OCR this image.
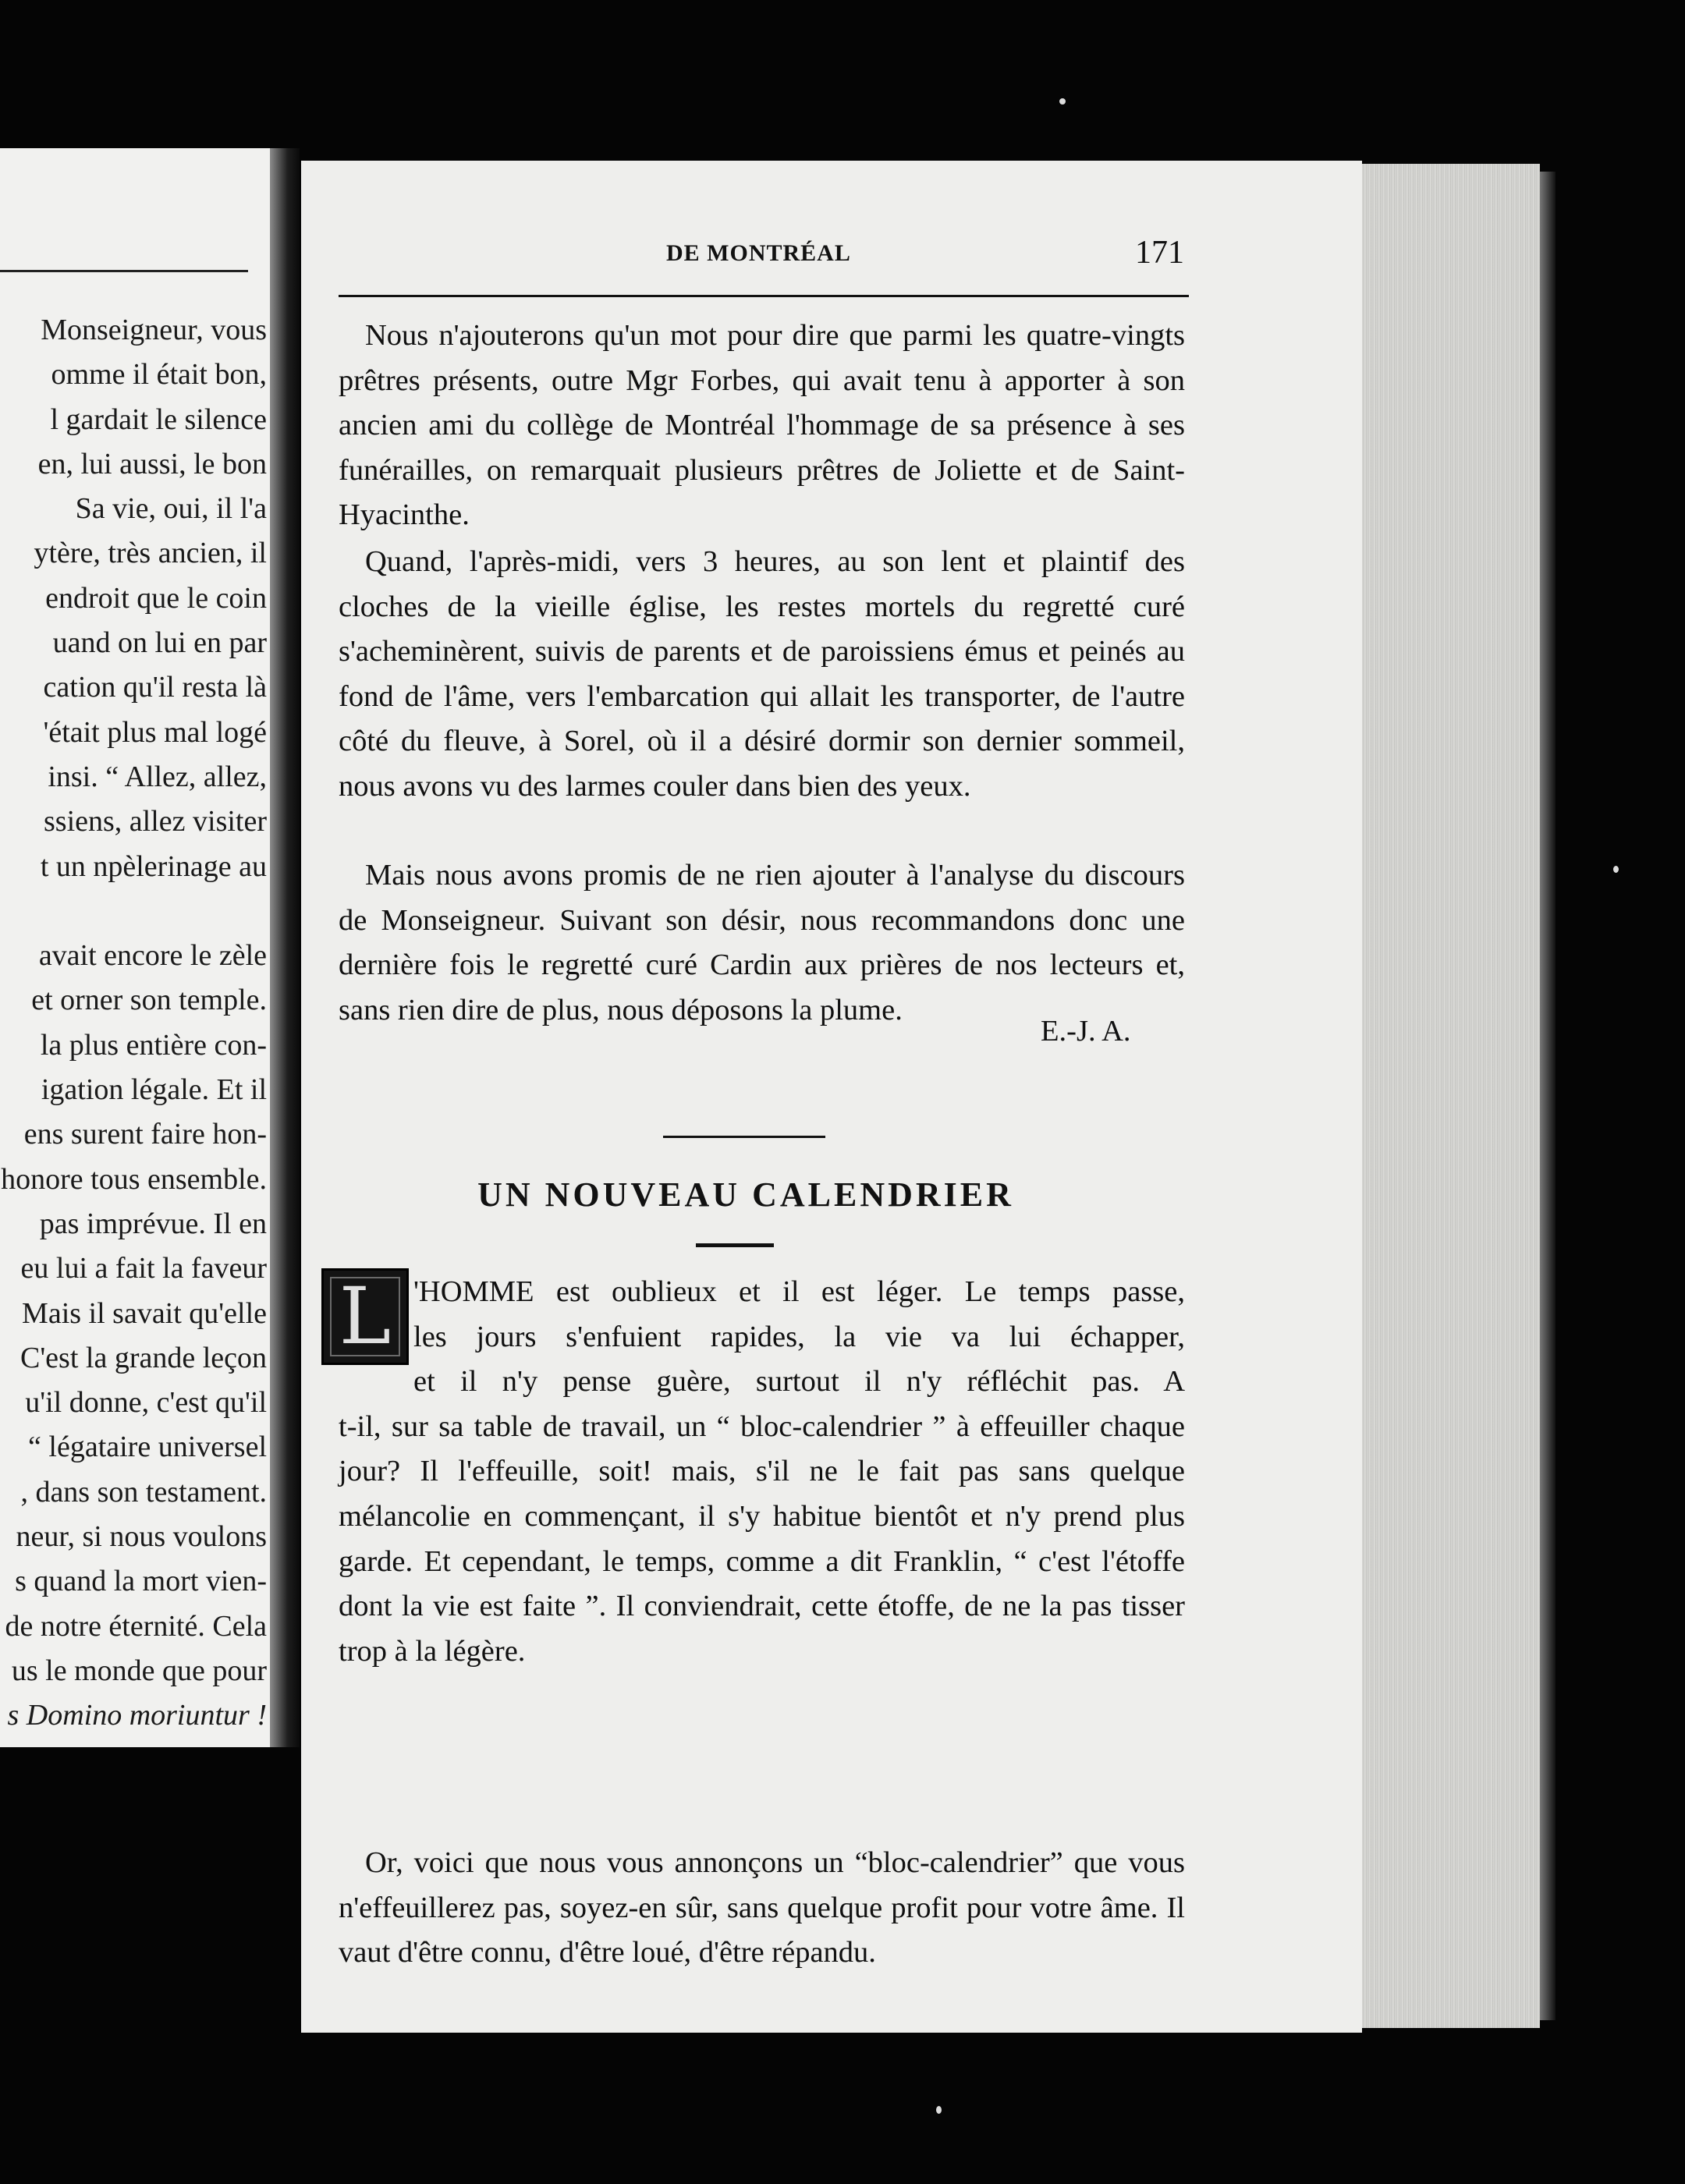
Monseigneur, vous
omme il était bon,
l gardait le silence
en, lui aussi, le bon
Sa vie, oui, il l'a
ytère, très ancien, il
endroit que le coin
uand on lui en par
cation qu'il resta là
'était plus mal logé
insi. “ Allez, allez,
ssiens, allez visiter
t un npèlerinage au
avait encore le zèle
et orner son temple.
la plus entière con-
igation légale. Et il
ens surent faire hon-
honore tous ensemble.
pas imprévue. Il en
eu lui a fait la faveur
Mais il savait qu'elle
C'est la grande leçon
u'il donne, c'est qu'il
“ légataire universel
, dans son testament.
neur, si nous voulons
s quand la mort vien-
de notre éternité. Cela
us le monde que pour
s Domino moriuntur !
DE MONTRÉAL	171

Nous n'ajouterons qu'un mot pour dire que parmi les quatre-vingts prêtres présents, outre Mgr Forbes, qui avait tenu à apporter à son ancien ami du collège de Montréal l'hommage de sa présence à ses funérailles, on remarquait plusieurs prêtres de Joliette et de Saint-Hyacinthe.

Quand, l'après-midi, vers 3 heures, au son lent et plaintif des cloches de la vieille église, les restes mortels du regretté curé s'acheminèrent, suivis de parents et de paroissiens émus et peinés au fond de l'âme, vers l'embarcation qui allait les transporter, de l'autre côté du fleuve, à Sorel, où il a désiré dormir son dernier sommeil, nous avons vu des larmes couler dans bien des yeux.

Mais nous avons promis de ne rien ajouter à l'analyse du discours de Monseigneur. Suivant son désir, nous recommandons donc une dernière fois le regretté curé Cardin aux prières de nos lecteurs et, sans rien dire de plus, nous déposons la plume.

E.-J. A.
UN NOUVEAU CALENDRIER
L 'HOMME est oublieux et il est léger. Le temps passe,
les jours s'enfuient rapides, la vie va lui échapper,
et il n'y pense guère, surtout il n'y réfléchit pas. A

t-il, sur sa table de travail, un “ bloc-calendrier ” à effeuiller chaque jour? Il l'effeuille, soit! mais, s'il ne le fait pas sans quelque mélancolie en commençant, il s'y habitue bientôt et n'y prend plus garde. Et cependant, le temps, comme a dit Franklin, “ c'est l'étoffe dont la vie est faite ”. Il conviendrait, cette étoffe, de ne la pas tisser trop à la légère.

Or, voici que nous vous annonçons un “bloc-calendrier” que vous n'effeuillerez pas, soyez-en sûr, sans quelque profit pour votre âme. Il vaut d'être connu, d'être loué, d'être répandu.
